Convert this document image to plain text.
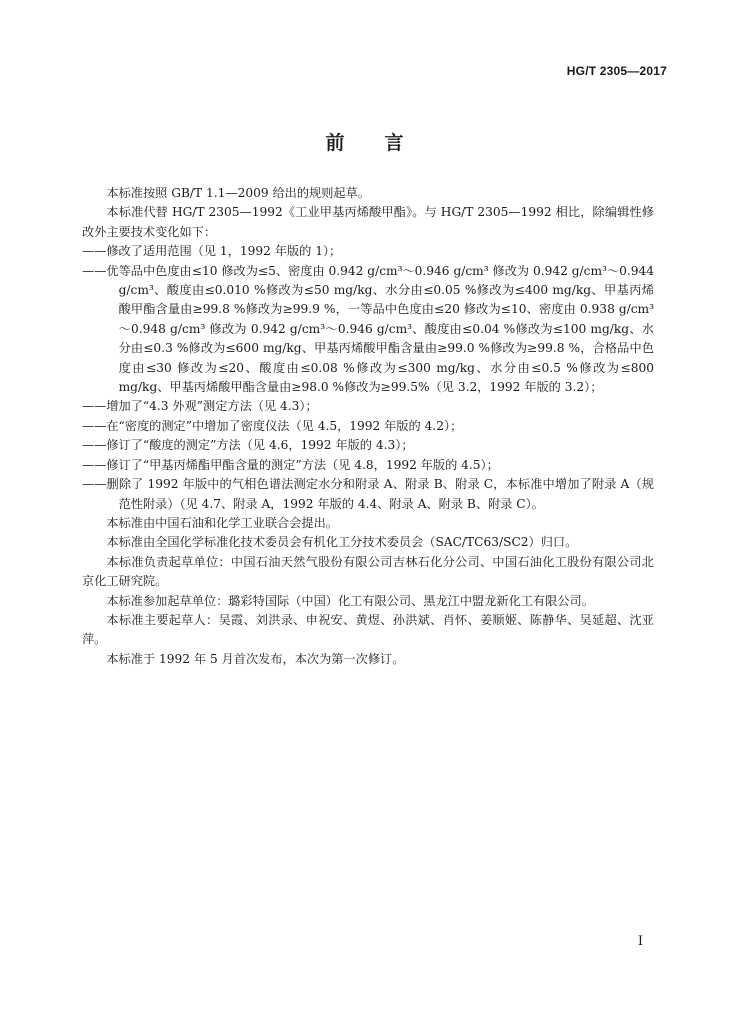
HG/T 2305—2017
前言

本标准按照 GB/T 1.1—2009 给出的规则起草。

本标准代替 HG/T 2305—1992《工业甲基丙烯酸甲酯》。与 HG/T 2305—1992 相比，除编辑性修改外主要技术变化如下：

——修改了适用范围（见 1，1992 年版的 1）；

——优等品中色度由≤10 修改为≤5、密度由 0.942 g/cm³～0.946 g/cm³ 修改为 0.942 g/cm³～0.944 g/cm³、酸度由≤0.010 %修改为≤50 mg/kg、水分由≤0.05 %修改为≤400 mg/kg、甲基丙烯酸甲酯含量由≥99.8 %修改为≥99.9 %，一等品中色度由≤20 修改为≤10、密度由 0.938 g/cm³～0.948 g/cm³ 修改为 0.942 g/cm³～0.946 g/cm³、酸度由≤0.04 %修改为≤100 mg/kg、水分由≤0.3 %修改为≤600 mg/kg、甲基丙烯酸甲酯含量由≥99.0 %修改为≥99.8 %，合格品中色度由≤30 修改为≤20、酸度由≤0.08 %修改为≤300 mg/kg、水分由≤0.5 %修改为≤800 mg/kg、甲基丙烯酸甲酯含量由≥98.0 %修改为≥99.5%（见 3.2，1992 年版的 3.2）；

——增加了“4.3 外观”测定方法（见 4.3）；

——在“密度的测定”中增加了密度仪法（见 4.5，1992 年版的 4.2）；

——修订了“酸度的测定”方法（见 4.6，1992 年版的 4.3）；

——修订了“甲基丙烯酯甲酯含量的测定”方法（见 4.8，1992 年版的 4.5）；

——删除了 1992 年版中的气相色谱法测定水分和附录 A、附录 B、附录 C，本标准中增加了附录 A（规范性附录）（见 4.7、附录 A，1992 年版的 4.4、附录 A、附录 B、附录 C）。

本标准由中国石油和化学工业联合会提出。

本标准由全国化学标准化技术委员会有机化工分技术委员会（SAC/TC63/SC2）归口。

本标准负责起草单位：中国石油天然气股份有限公司吉林石化分公司、中国石油化工股份有限公司北京化工研究院。

本标准参加起草单位：璐彩特国际（中国）化工有限公司、黑龙江中盟龙新化工有限公司。

本标准主要起草人：吴霞、刘洪录、申祝安、黄煜、孙洪斌、肖怀、姜顺姬、陈静华、吴延超、沈亚萍。

本标准于 1992 年 5 月首次发布，本次为第一次修订。

I
